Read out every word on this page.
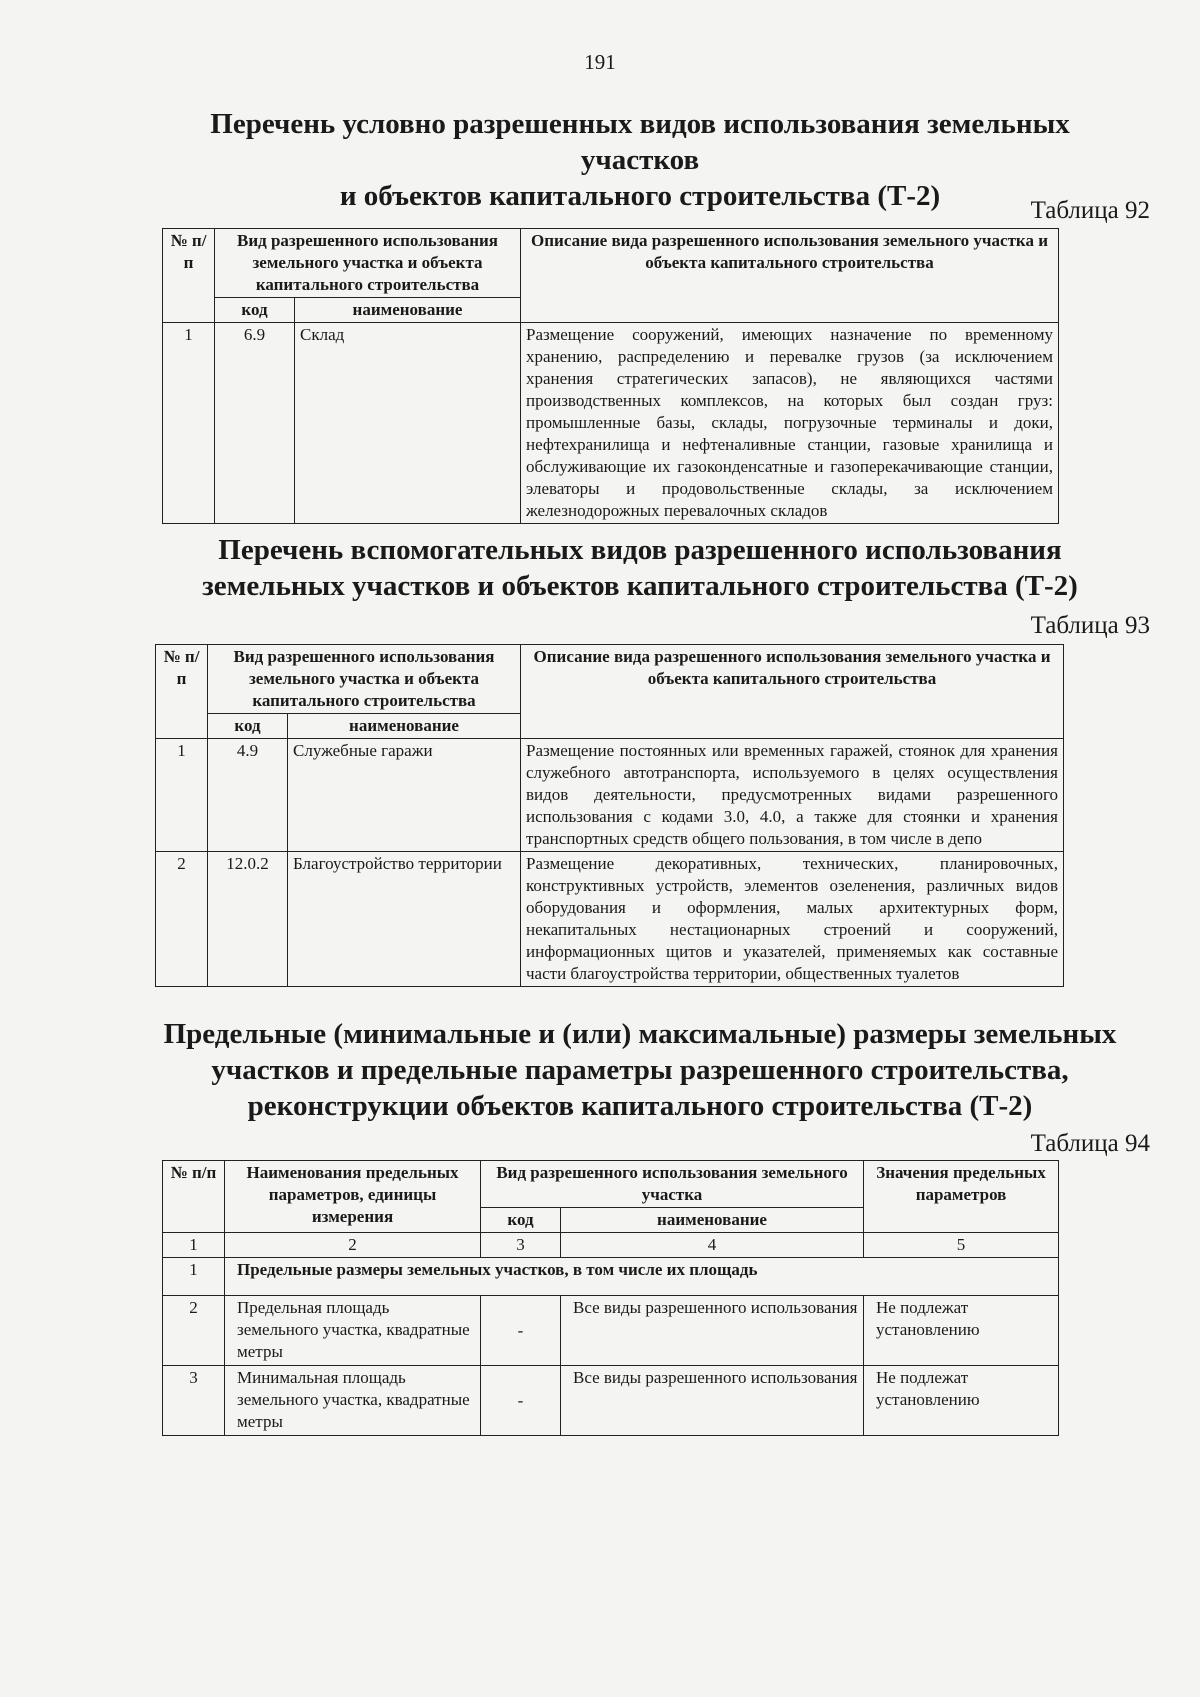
191
Перечень условно разрешенных видов использования земельных участков
и объектов капитального строительства (Т-2)	Таблица 92
№ п/п	Вид разрешенного использования земельного участка и объекта капитального строительства		Описание вида разрешенного использования земельного участка и объекта капитального строительства
	код	наименование	
1	6.9	Склад	Размещение сооружений, имеющих назначение по временному хранению, распределению и перевалке грузов (за исключением хранения стратегических запасов), не являющихся частями производственных комплексов, на которых был создан груз: промышленные базы, склады, погрузочные терминалы и доки, нефтехранилища и нефтеналивные станции, газовые хранилища и обслуживающие их газоконденсатные и газоперекачивающие станции, элеваторы и продовольственные склады, за исключением железнодорожных перевалочных складов
Перечень вспомогательных видов разрешенного использования
земельных участков и объектов капитального строительства (Т-2)
Таблица 93
№ п/п	Вид разрешенного использования земельного участка и объекта капитального строительства		Описание вида разрешенного использования земельного участка и объекта капитального строительства
	код	наименование	
1	4.9	Служебные гаражи	Размещение постоянных или временных гаражей, стоянок для хранения служебного автотранспорта, используемого в целях осуществления видов деятельности, предусмотренных видами разрешенного использования с кодами 3.0, 4.0, а также для стоянки и хранения транспортных средств общего пользования, в том числе в депо
2	12.0.2	Благоустройство территории	Размещение декоративных, технических, планировочных, конструктивных устройств, элементов озеленения, различных видов оборудования и оформления, малых архитектурных форм, некапитальных нестационарных строений и сооружений, информационных щитов и указателей, применяемых как составные части благоустройства территории, общественных туалетов
Предельные (минимальные и (или) максимальные) размеры земельных
участков и предельные параметры разрешенного строительства,
реконструкции объектов капитального строительства (Т-2)
Таблица 94
№ п/п	Наименования предельных параметров, единицы измерения	Вид разрешенного использования земельного участка		Значения предельных параметров
		код	наименование	
1	2	3	4	5
1	Предельные размеры земельных участков, в том числе их площадь			
2	Предельная площадь земельного участка, квадратные метры	-	Все виды разрешенного использования	Не подлежат установлению
3	Минимальная площадь земельного участка, квадратные метры	-	Все виды разрешенного использования	Не подлежат установлению
